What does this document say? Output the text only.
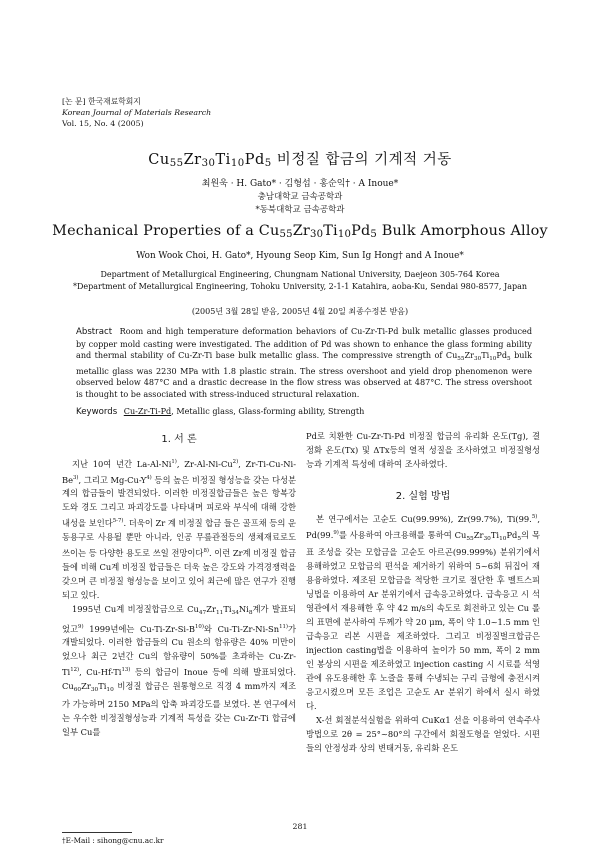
[논 문] 한국재료학회지
Korean Journal of Materials Research
Vol. 15, No. 4 (2005)
$Cu_{55}Zr_{30}Ti_{10}Pd_5$ 비정질 합금의 기계적 거동
최원욱 · H. Gato* · 김형섭 · 홍순익† · A Inoue*
충남대학교 금속공학과
*동북대학교 금속공학과
Mechanical Properties of a $Cu_{55}Zr_{30}Ti_{10}Pd_5$ Bulk Amorphous Alloy
Won Wook Choi, H. Gato*, Hyoung Seop Kim, Sun Ig Hong† and A Inoue*
Department of Metallurgical Engineering, Chungnam National University, Daejeon 305-764 Korea
*Department of Metallurgical Engineering, Tohoku University, 2-1-1 Katahira, aoba-Ku, Sendai 980-8577, Japan
(2005년 3월 28일 받음, 2005년 4월 20일 최종수정본 받음)
Abstract Room and high temperature deformation behaviors of Cu-Zr-Ti-Pd bulk metallic glasses produced by copper mold casting were investigated. The addition of Pd was shown to enhance the glass forming ability and thermal stability of Cu-Zr-Ti base bulk metallic glass. The compressive strength of $Cu_{55}Zr_{30}Ti_{10}Pd_5$ bulk metallic glass was 2230 MPa with 1.8 plastic strain. The stress overshoot and yield drop phenomenon were observed below 487°C and a drastic decrease in the flow stress was observed at 487°C. The stress overshoot is thought to be associated with stress-induced structural relaxation.
Keywords Cu-Zr-Ti-Pd, Metallic glass, Glass-forming ability, Strength
1. 서 론

지난 10여 년간 La-Al-Ni$^{1)}$, Zr-Al-Ni-Cu$^{2)}$, Zr-Ti-Cu-Ni-Be$^{3)}$, 그리고 $Mg-Cu-Y^{4)}$ 등의 높은 비정질 형성능을 갖는 다성분계의 합금들이 발견되었다. 이러한 비정질합금들은 높은 항복강도와 경도 그리고 파괴강도를 나타내며 피로와 부식에 대해 강한 내성을 보인다$^{5-7)}$. 더욱이 Zr 계 비정질 합금 들은 골프채 등의 운동용구로 사용될 뿐만 아니라, 인공 무릎관절등의 생체재료로도 쓰이는 등 다양한 용도로 쓰일 전망이다$^{8)}$. 이런 Zr계 비정질 합금들에 비해 Cu계 비정질 합금들은 더욱 높은 강도와 가격경쟁력을 갖으며 큰 비정질 형성능을 보이고 있어 최근에 많은 연구가 진행되고 있다.

1995년 Cu계 비정질합금으로 $Cu_{47}Zr_{11}Ti_{34}Ni_8$계가 발표되었고$^{9)}$ 1999년에는 $Cu-Ti-Zr-Si-B^{10)}$와 Cu-Ti-Zr-Ni-Sn$^{11)}$가 개발되었다. 이러한 합금들의 Cu 원소의 함유량은 40% 미만이었으나 최근 2년간 Cu의 함유량이 50%를 초과하는 Cu-Zr-Ti$^{12)}$, Cu-Hf-Ti$^{13)}$ 등의 합금이 Inoue 등에 의해 발표되었다. $Cu_{60}Zr_{30}Ti_{10}$ 비정질 합금은 원통형으로 직경 4 mm까지 제조가 가능하며 2150 MPa의 압축 파괴강도를 보였다. 본 연구에서는 우수한 비정질형성능과 기계적 특성을 갖는 Cu-Zr-Ti 합금에 일부 Cu를

Pd로 치환한 Cu-Zr-Ti-Pd 비정질 합금의 유리화 온도(Tg), 결정화 온도(Tx) 및 ΔTx등의 열적 성질을 조사하였고 비정질형성능과 기계적 특성에 대하여 조사하였다.

2. 실험 방법

본 연구에서는 고순도 Cu(99.99%), Zr(99.7%), Ti(99.$^{5)}$, Pd(99.$^{9)}$를 사용하여 아크용해를 통하여 $Cu_{55}Zr_{30}Ti_{10}Pd_5$의 목표 조성을 갖는 모합금을 고순도 아르곤(99.999%) 분위기에서 용해하였고 모합금의 편석을 제거하기 위하여 5~6회 뒤집어 재용융하였다. 제조된 모합금을 적당한 크기로 절단한 후 멜트스피닝법을 이용하여 Ar 분위기에서 급속응고하였다. 급속응고 시 석영관에서 재용해한 후 약 42 m/s의 속도로 회전하고 있는 Cu 롤의 표면에 분사하여 두께가 약 20 μm, 폭이 약 1.0~1.5 mm 인 급속응고 리본 시편을 제조하였다. 그리고 비정질벌크합금은 injection casting법을 이용하여 높이가 50 mm, 폭이 2 mm인 봉상의 시편을 제조하였고 injection casting 시 시료를 석영관에 유도용해한 후 노즐을 통해 수냉되는 구리 금형에 충전시켜 응고시켰으며 모든 조업은 고순도 Ar 분위기 하에서 실시 하였다.

X-선 회절분석실험을 위하여 CuKα1 선을 이용하여 연속주사 방법으로 2θ = 25°~80°의 구간에서 회절도형을 얻었다. 시편들의 안정성과 상의 변태거동, 유리화 온도

†E-Mail : sihong@cnu.ac.kr
281
